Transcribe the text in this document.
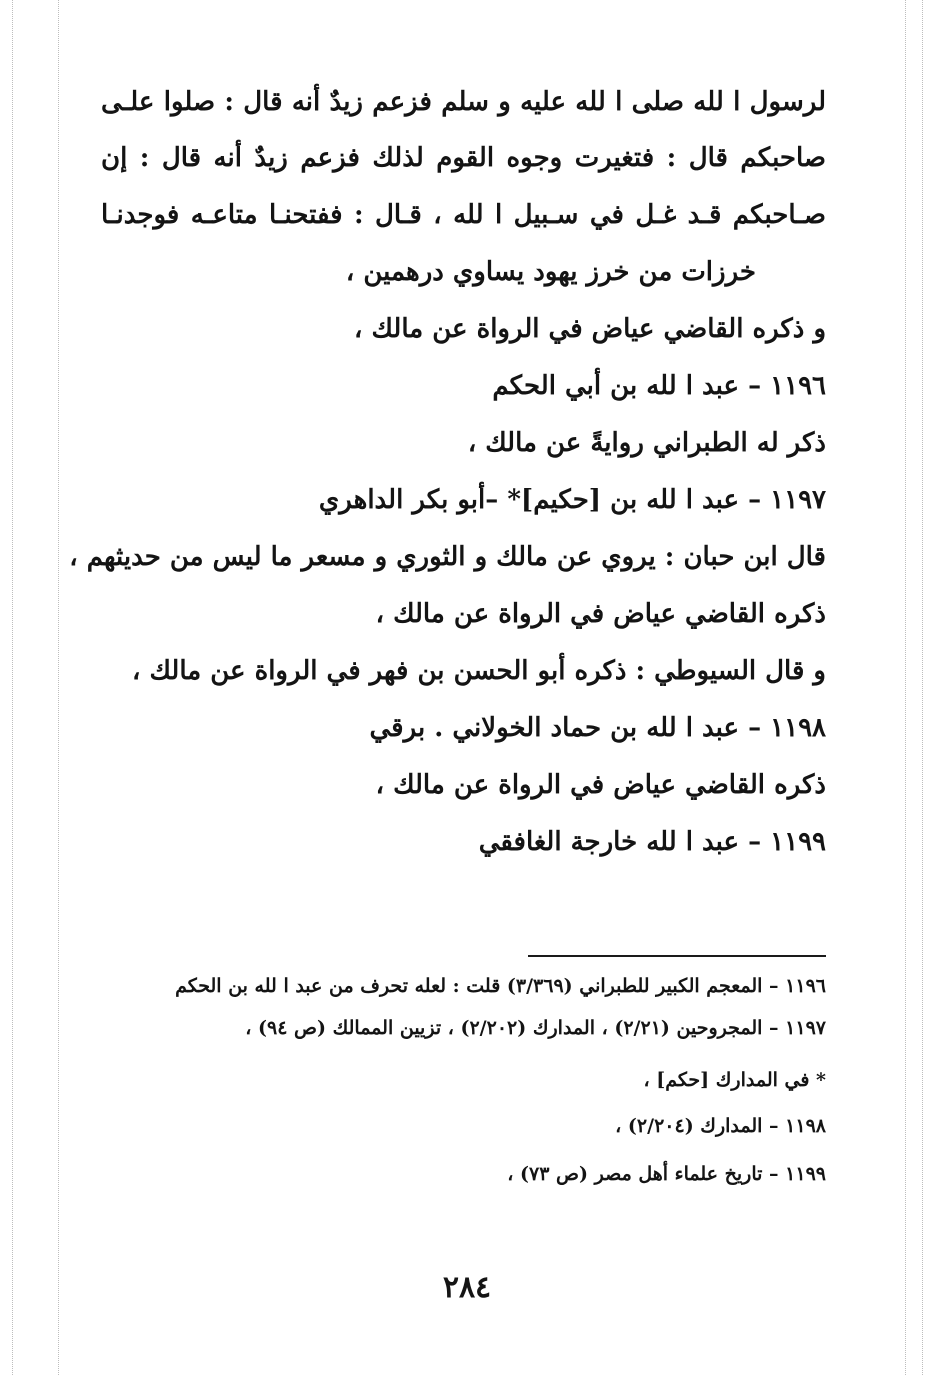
لرسول ا لله صلى ا لله عليه و سلم فزعم زيدٌ أنه قال : صلوا علـى
صاحبكم قال : فتغيرت وجوه القوم لذلك فزعم زيدٌ أنه قال : إن
صـاحبكم قـد غـل في سـبيل ا لله ، قـال : ففتحنـا متاعـه فوجدنـا
خرزات من خرز يهود يساوي درهمين ،
و ذكره القاضي عياض في الرواة عن مالك ،
١١٩٦ – عبد ا لله بن أبي الحكم
ذكر له الطبراني روايةً عن مالك ،
١١٩٧ – عبد ا لله بن [حكيم]* –أبو بكر الداهري
قال ابن حبان : يروي عن مالك و الثوري و مسعر ما ليس من حديثهم ،
ذكره القاضي عياض في الرواة عن مالك ،
و قال السيوطي : ذكره أبو الحسن بن فهر في الرواة عن مالك ،
١١٩٨ – عبد ا لله بن حماد الخولاني . برقي
ذكره القاضي عياض في الرواة عن مالك ،
١١٩٩ – عبد ا لله خارجة الغافقي
١١٩٦ – المعجم الكبير للطبراني (٣/٣٦٩) قلت : لعله تحرف من عبد ا لله بن الحكم
١١٩٧ – المجروحين (٢/٢١) ، المدارك (٢/٢٠٢) ، تزيين الممالك (ص ٩٤) ،
* في المدارك [حكم] ،
١١٩٨ – المدارك (٢/٢٠٤) ،
١١٩٩ – تاريخ علماء أهل مصر (ص ٧٣) ،
٢٨٤
